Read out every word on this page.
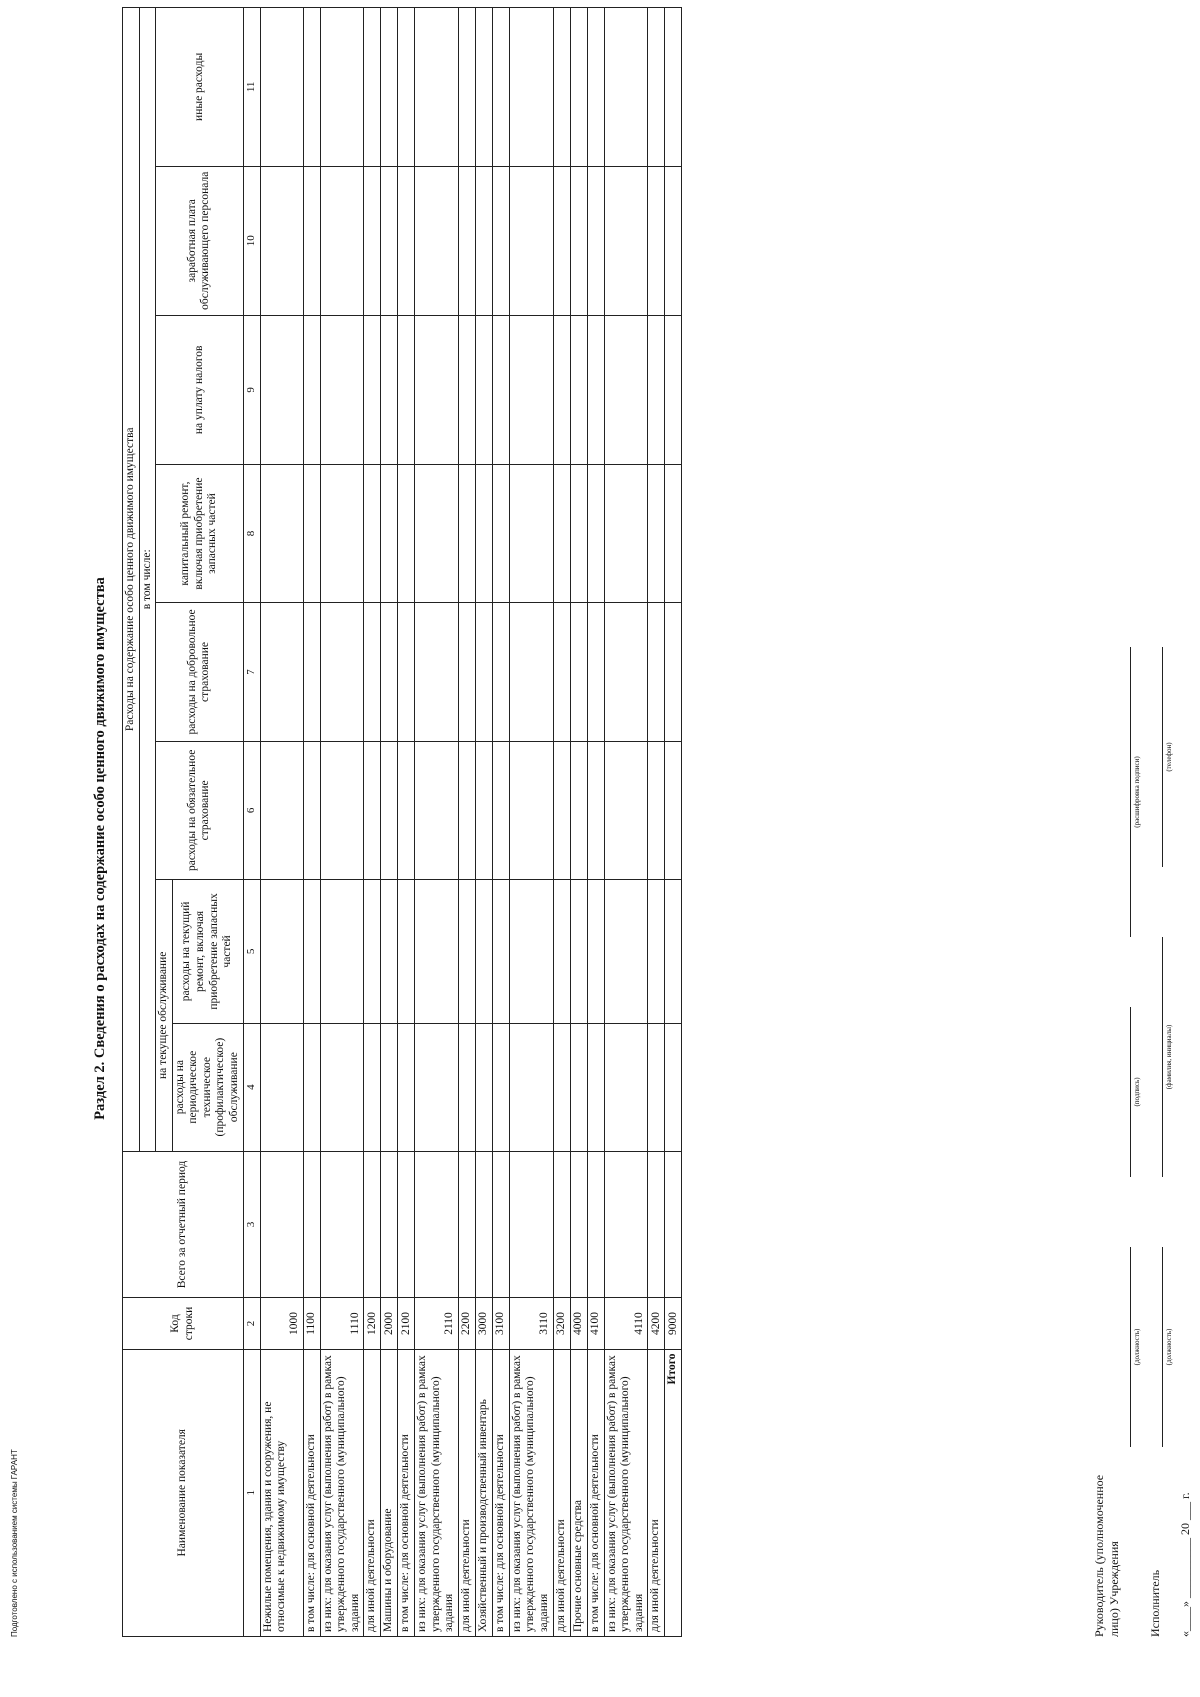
Подготовлено с использованием системы ГАРАНТ
Раздел 2. Сведения о расходах на содержание особо ценного движимого имущества
Наименование показателя	Код строки	Всего за отчетный период	Расходы на содержание особо ценного движимого имущества							
			в том числе:							
			на текущее обслуживание		расходы на обязательное страхование	расходы на добровольное страхование	капитальный ремонт, включая приобретение запасных частей	на уплату налогов	заработная плата обслуживающего персонала	иные расходы
			расходы на периодическое техническое (профилактическое) обслуживание	расходы на текущий ремонт, включая приобретение запасных частей						
1	2	3	4	5	6	7	8	9	10	11
Нежилые помещения, здания и сооружения, не относимые к недвижимому имуществу	1000									
в том числе: для основной деятельности	1100									
из них: для оказания услуг (выполнения работ) в рамках утвержденного государственного (муниципального) задания	1110									
для иной деятельности	1200									
Машины и оборудование	2000									
в том числе: для основной деятельности	2100									
из них: для оказания услуг (выполнения работ) в рамках утвержденного государственного (муниципального) задания	2110									
для иной деятельности	2200									
Хозяйственный и производственный инвентарь	3000									
в том числе: для основной деятельности	3100									
из них: для оказания услуг (выполнения работ) в рамках утвержденного государственного (муниципального) задания	3110									
для иной деятельности	3200									
Прочие основные средства	4000									
в том числе: для основной деятельности	4100									
из них: для оказания услуг (выполнения работ) в рамках утвержденного государственного (муниципального) задания	4110									
для иной деятельности	4200									
Итого	9000									
Руководитель (уполномоченное лицо) Учреждения
(должность)
(подпись)
(расшифровка подписи)
Исполнитель
(должность)
(фамилия, инициалы)
(телефон)
«____» __________ 20 ___ г.
